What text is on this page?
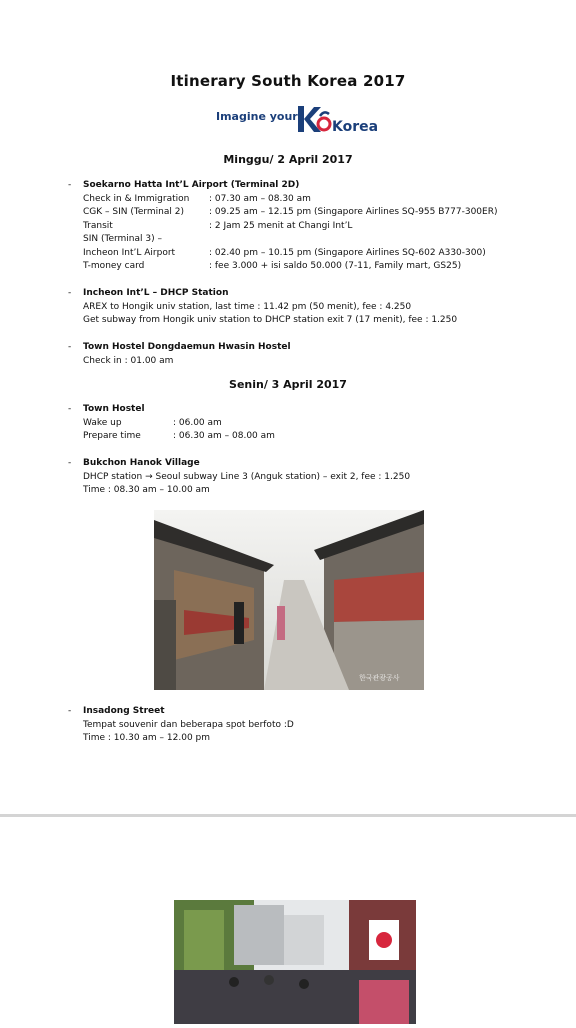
Itinerary South Korea 2017
Imagine your
Korea
Minggu/ 2 April 2017
- Soekarno Hatta Int’L Airport (Terminal 2D)
Check in & Immigration : 07.30 am – 08.30 am
CGK – SIN (Terminal 2)	: 09.25 am – 12.15 pm (Singapore Airlines SQ-955 B777-300ER)
Transit	: 2 Jam 25 menit at Changi Int’L
SIN (Terminal 3) –
Incheon Int’L Airport	: 02.40 pm – 10.15 pm (Singapore Airlines SQ-602 A330-300)
T-money card	: fee 3.000 + isi saldo 50.000 (7-11, Family mart, GS25)
- Incheon Int’L – DHCP Station
AREX to Hongik univ station, last time : 11.42 pm (50 menit), fee : 4.250
Get subway from Hongik univ station to DHCP station exit 7 (17 menit), fee : 1.250
- Town Hostel Dongdaemun Hwasin Hostel
Check in : 01.00 am
Senin/ 3 April 2017
- Town Hostel
Wake up	: 06.00 am
Prepare time	: 06.30 am – 08.00 am
- Bukchon Hanok Village
DHCP station → Seoul subway Line 3 (Anguk station) – exit 2, fee : 1.250
Time : 08.30 am – 10.00 am
한국관광공사
- Insadong Street
Tempat souvenir dan beberapa spot berfoto :D
Time : 10.30 am – 12.00 pm
